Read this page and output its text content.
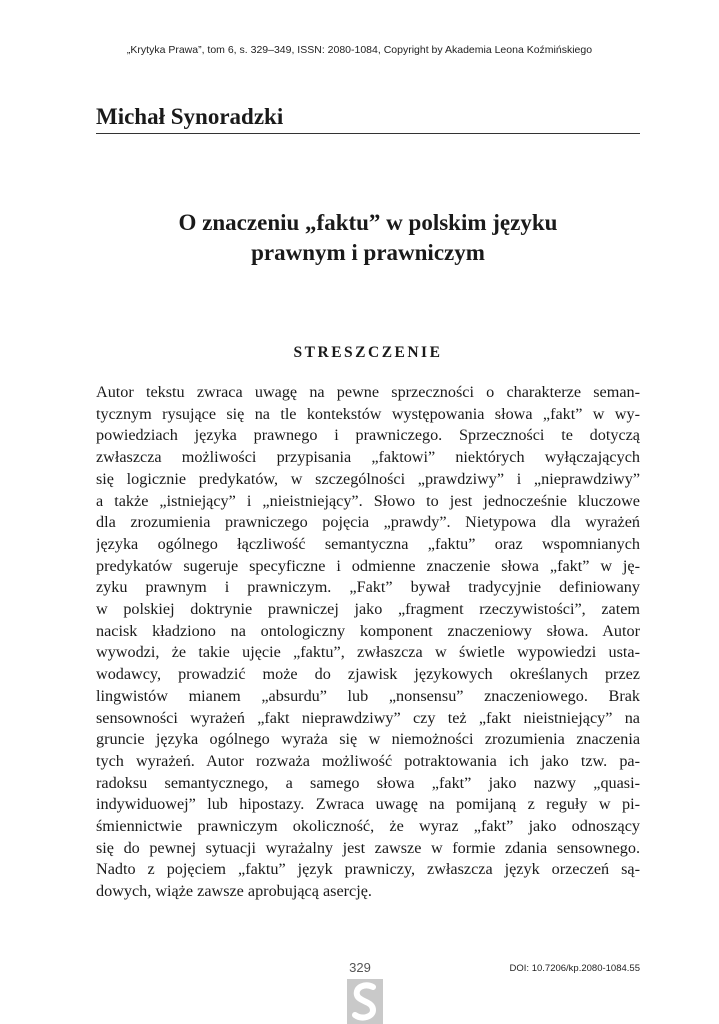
„Krytyka Prawa”, tom 6, s. 329–349, ISSN: 2080-1084, Copyright by Akademia Leona Koźmińskiego
Michał Synoradzki
O znaczeniu „faktu” w polskim języku
prawnym i prawniczym
STRESZCZENIE
Autor tekstu zwraca uwagę na pewne sprzeczności o charakterze seman-
tycznym rysujące się na tle kontekstów występowania słowa „fakt” w wy-
powiedziach języka prawnego i prawniczego. Sprzeczności te dotyczą
zwłaszcza możliwości przypisania „faktowi” niektórych wyłączających
się logicznie predykatów, w szczególności „prawdziwy” i „nieprawdziwy”
a także „istniejący” i „nieistniejący”. Słowo to jest jednocześnie kluczowe
dla zrozumienia prawniczego pojęcia „prawdy”. Nietypowa dla wyrażeń
języka ogólnego łączliwość semantyczna „faktu” oraz wspomnianych
predykatów sugeruje specyficzne i odmienne znaczenie słowa „fakt” w ję-
zyku prawnym i prawniczym. „Fakt” bywał tradycyjnie definiowany
w polskiej doktrynie prawniczej jako „fragment rzeczywistości”, zatem
nacisk kładziono na ontologiczny komponent znaczeniowy słowa. Autor
wywodzi, że takie ujęcie „faktu”, zwłaszcza w świetle wypowiedzi usta-
wodawcy, prowadzić może do zjawisk językowych określanych przez
lingwistów mianem „absurdu” lub „nonsensu” znaczeniowego. Brak
sensowności wyrażeń „fakt nieprawdziwy” czy też „fakt nieistniejący” na
gruncie języka ogólnego wyraża się w niemożności zrozumienia znaczenia
tych wyrażeń. Autor rozważa możliwość potraktowania ich jako tzw. pa-
radoksu semantycznego, a samego słowa „fakt” jako nazwy „quasi-
indywiduowej” lub hipostazy. Zwraca uwagę na pomijaną z reguły w pi-
śmiennictwie prawniczym okoliczność, że wyraz „fakt” jako odnoszący
się do pewnej sytuacji wyrażalny jest zawsze w formie zdania sensownego.
Nadto z pojęciem „faktu” język prawniczy, zwłaszcza język orzeczeń są-
dowych, wiąże zawsze aprobującą asercję.
329	DOI: 10.7206/kp.2080-1084.55
